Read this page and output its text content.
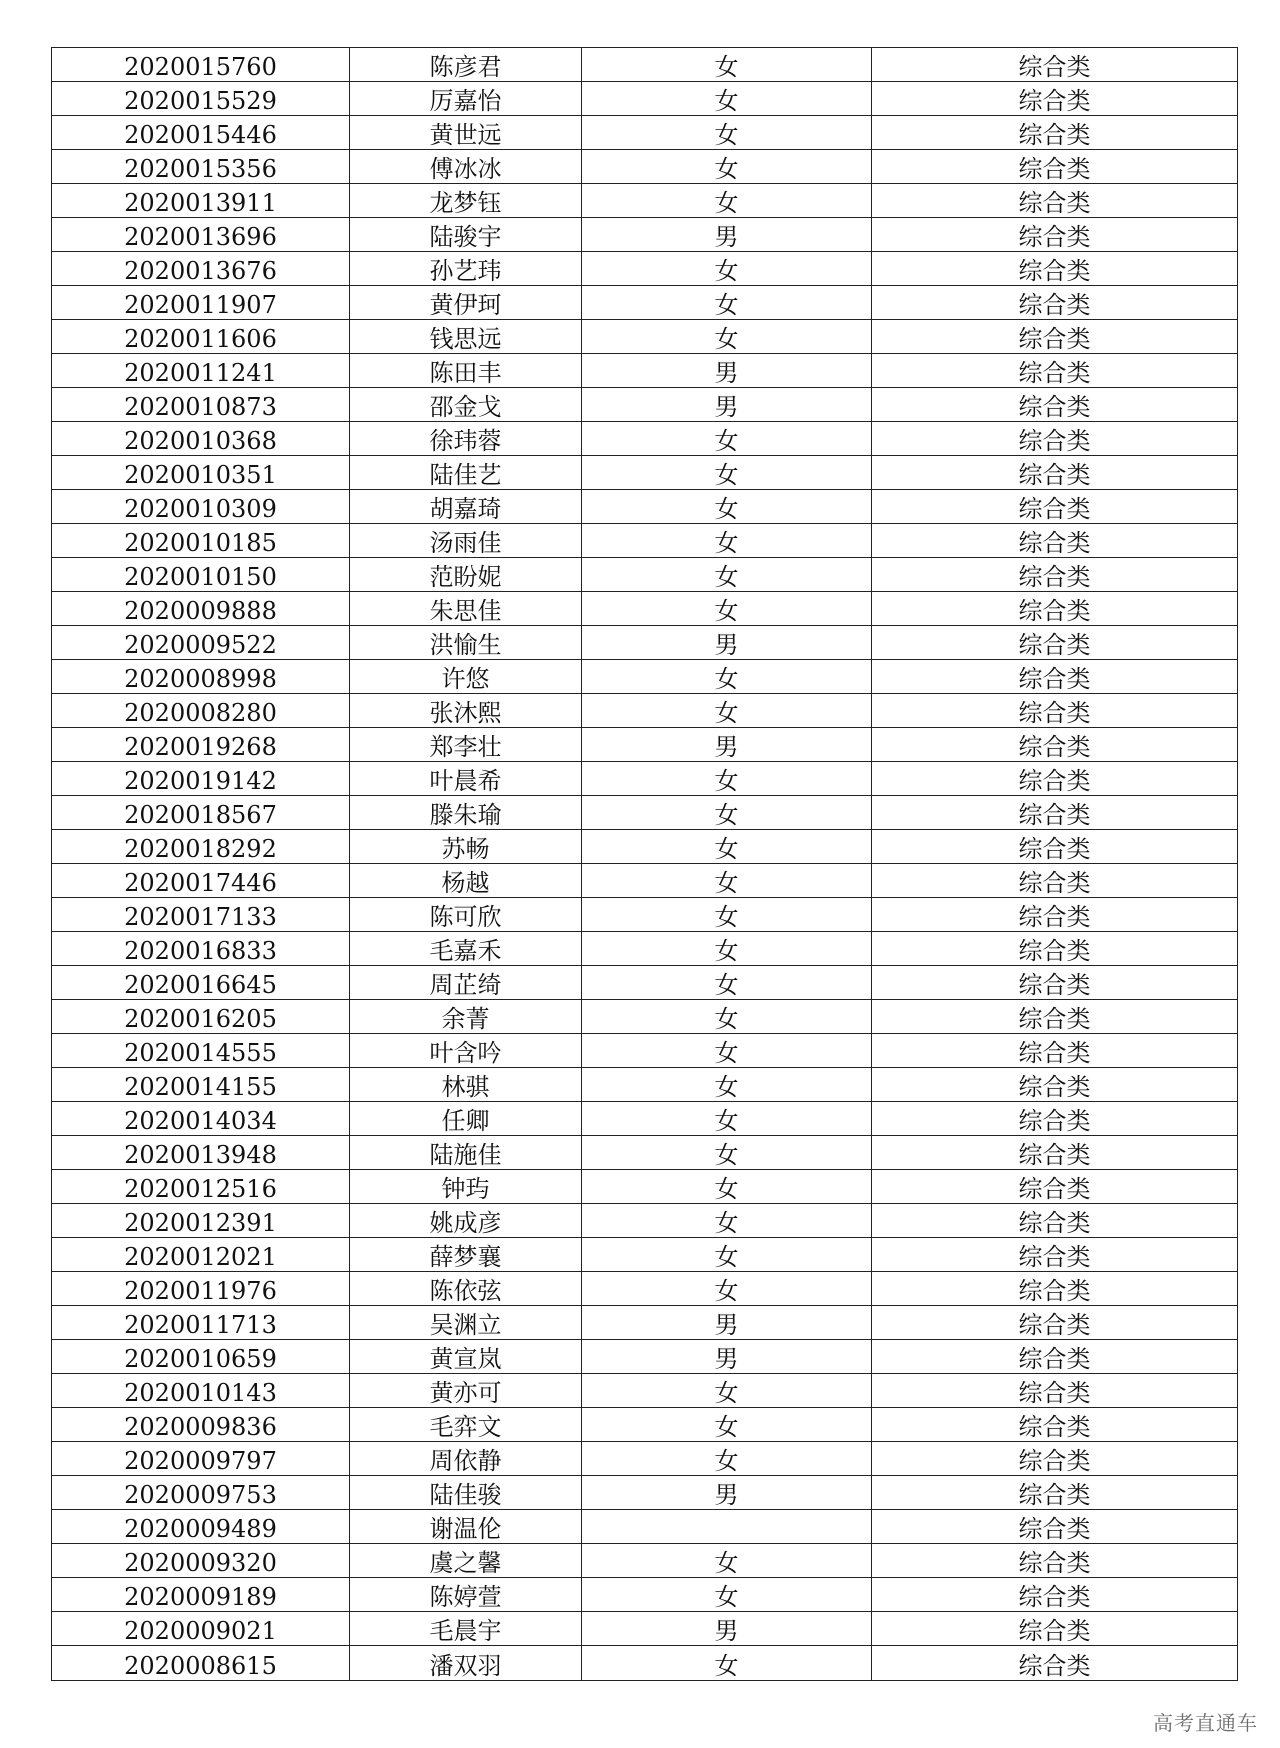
2020015760	陈彦君	女	综合类
2020015529	厉嘉怡	女	综合类
2020015446	黄世远	女	综合类
2020015356	傅冰冰	女	综合类
2020013911	龙梦钰	女	综合类
2020013696	陆骏宇	男	综合类
2020013676	孙艺玮	女	综合类
2020011907	黄伊珂	女	综合类
2020011606	钱思远	女	综合类
2020011241	陈田丰	男	综合类
2020010873	邵金戈	男	综合类
2020010368	徐玮蓉	女	综合类
2020010351	陆佳艺	女	综合类
2020010309	胡嘉琦	女	综合类
2020010185	汤雨佳	女	综合类
2020010150	范盼妮	女	综合类
2020009888	朱思佳	女	综合类
2020009522	洪愉生	男	综合类
2020008998	许悠	女	综合类
2020008280	张沐熙	女	综合类
2020019268	郑李壮	男	综合类
2020019142	叶晨希	女	综合类
2020018567	滕朱瑜	女	综合类
2020018292	苏畅	女	综合类
2020017446	杨越	女	综合类
2020017133	陈可欣	女	综合类
2020016833	毛嘉禾	女	综合类
2020016645	周芷绮	女	综合类
2020016205	余菁	女	综合类
2020014555	叶含吟	女	综合类
2020014155	林骐	女	综合类
2020014034	任卿	女	综合类
2020013948	陆施佳	女	综合类
2020012516	钟玙	女	综合类
2020012391	姚成彦	女	综合类
2020012021	薛梦襄	女	综合类
2020011976	陈依弦	女	综合类
2020011713	吴渊立	男	综合类
2020010659	黄宣岚	男	综合类
2020010143	黄亦可	女	综合类
2020009836	毛弈文	女	综合类
2020009797	周依静	女	综合类
2020009753	陆佳骏	男	综合类
2020009489	谢温伦		综合类
2020009320	虞之馨	女	综合类
2020009189	陈婷萱	女	综合类
2020009021	毛晨宇	男	综合类
2020008615	潘双羽	女	综合类
高考直通车
